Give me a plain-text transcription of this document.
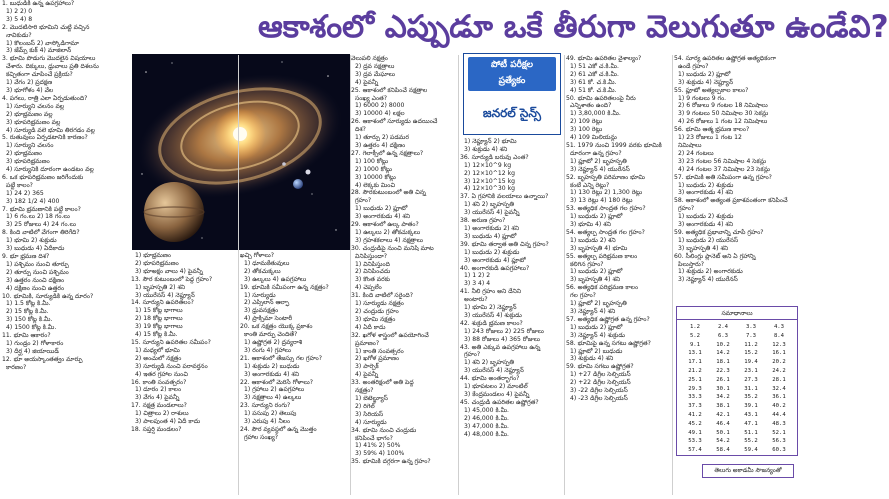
ఆకాశంలో ఎప్పుడూ ఒకే తీరుగా వెలుగుతూ ఉండేవి?
1. బుధుడికి ఉన్న ఉపగ్రహాలు?
1) 2 2) 0
3) 5 4) 8
2. మొదటిసారి భూమిని చుట్టి వచ్చిన
నావికుడు?
1) కొలంబస్ 2) వాస్కోడిగామా
3) జేమ్స్ కుక్ 4) మాజిలాన్
3. భూమి పొడుగు మొదలైన విషయాలు
చేశారు. దిక్కులు, ధ్రువాలు ప్రతి దిశలను
కచ్చితంగా చూపించే ప్రక్రియ?
1) వేగం 2) ప్రదక్షణ
3) భూగోళం 4) వేల
4. పగలు, రాత్రి ఎలా ఏర్పడుతుంది?
1) సూర్యుని చలనం వల్ల
2) భూభ్రమణం వల్ల
3) భూపరిభ్రమణం వల్ల
4) సూర్యుడి వలె భూమి తిరగడం వల్ల
5. రుతువులు ఏర్పడటానికి కారణం?
1) సూర్యుని చలనం
2) భూభ్రమణం
3) భూపరిభ్రమణం
4) సూర్యునికి దూరంగా ఉండటం వల్ల
6. ఒక భూపరిభ్రమణం జరిగేందుకు
పట్టే కాలం?
1) 24 2) 365
3) 182 1/2 4) 400
7. భూమి భ్రమణానికి పట్టే కాలం?
1) 6 గం.లు 2) 18 గం.లు
3) 25 రోజులు 4) 24 గం.లు
8. కింది వాటిలో వేగంగా తిరిగేది?
1) భూమి 2) శుక్రుడు
3) బుధుడు 4) ఏదీకాదు
9. భూ భ్రమణ దిశ?
1) పశ్చిమం నుంచి తూర్పు
2) తూర్పు నుంచి పశ్చిమం
3) ఉత్తరం నుంచి దక్షిణం
4) దక్షిణం నుంచి ఉత్తరం
10. భూమికి, సూర్యుడికి ఉన్న దూరం?
1) 1.5 కోట్ల కి.మీ.
2) 15 కోట్ల కి.మీ.
3) 150 కోట్ల కి.మీ.
4) 1500 కోట్ల కి.మీ.
11. భూమి ఆకారం?
1) గుండ్రం 2) గోళాకారం
3) దీర్ఘ 4) జియాయిడ్
12. భూ అయస్కాంతత్వం మార్పు
కారణం?
1) భూభ్రమణం
2) భూపరిభ్రమణం
3) భూఅక్షం వాలు 4) పైవన్నీ
13. సౌర కుటుంబంలో పెద్ద గ్రహం?
1) బృహస్పతి 2) శని
3) యురేనస్ 4) నెప్ట్యూన్
14. సూర్యుని ఉపరితలం?
1) 15 కోట్ల భాగాలు
2) 18 కోట్ల భాగాలు
3) 19 కోట్ల భాగాలు
4) 15 కోట్ల కి.మీ.
15. సూర్యుని ఉపరితల సమీపం?
1) మధ్యలో భూమి
2) అంచులో నక్షత్రం
3) సూర్యుడి నుంచి పరావర్తనం
4) ఇతర గ్రహాల నుంచి
16. కాంతి సంవత్సరం?
1) దూరం 2) కాలం
3) వేగం 4) పైవన్నీ
17. నక్షత్ర మండలాలు?
1) చిత్రాలు 2) రాశులు
3) పాలపుంత 4) ఏదీ కాదు
18. సప్తర్షి మండలం?
ఖచ్చి గోళాలు?
1) ధూమకేతువులు
2) తోకచుక్కలు
3) ఉల్కలు 4) ఉపగ్రహాలు
19. భూమికి సమీపంగా ఉన్న నక్షత్రం?
1) సూర్యుడు
2) ఎప్సిలాన్ ఆల్ఫా
3) ధ్రువనక్షత్రం
4) ప్రాక్సిమా సెంటారీ
20. ఒక నక్షత్రం యొక్క ప్రకాశం
కాంతి మార్పు చెందితే?
1) ఉష్ణోగ్రత 2) ద్రవ్యరాశి
3) రంగు 4) గ్రహాలు
21. ఆకాశంలో తేజస్సు గల గ్రహం?
1) శుక్రుడు 2) బుధుడు
3) అంగారకుడు 4) శని
22. ఆకాశంలో మెరిసే గోళాలు?
1) గ్రహాలు 2) ఉపగ్రహాలు
3) నక్షత్రాలు 4) ఉల్కలు
23. సూర్యుని రంగు?
1) పసుపు 2) తెలుపు
3) ఎరుపు 4) నీలం
24. సౌర వ్యవస్థలో ఉన్న మొత్తం
గ్రహాల సంఖ్య?
వెలుపలి నక్షత్రం
2) ద్రవ నక్షత్రాలు
3) ద్రవ మేఘాలు
4) పైవన్నీ
25. ఆకాశంలో కనిపించే నక్షత్రాల
సంఖ్య ఎంత?
1) 6000 2) 8000
3) 10000 4) లక్షల
26. ఆకాశంలో సూర్యుడు ఉదయించే
దిశ?
1) తూర్పు 2) పడమర
3) ఉత్తరం 4) దక్షిణం
27. గెలాక్సీలో ఉన్న నక్షత్రాలు?
1) 100 కోట్లు
2) 1000 కోట్లు
3) 10000 కోట్లు
4) లెక్కకు మించి
28. సౌరకుటుంబంలో అతి చిన్న
గ్రహం?
1) బుధుడు 2) ప్లూటో
3) అంగారకుడు 4) శని
29. ఆకాశంలో ఉల్క పాతం?
1) ఉల్కలు 2) తోకచుక్కలు
3) గ్రహశకలాలు 4) నక్షత్రాలు
30. చంద్రుడిపై నుంచి మనిషి మాట
వినిపిస్తుందా?
1) వినిపిస్తుంది
2) వినిపించదు
3) కొంత వరకు
4) చెప్పలేం
31. కింది వాటిలో సరైంది?
1) సూర్యుడు నక్షత్రం
2) చంద్రుడు గ్రహం
3) భూమి నక్షత్రం
4) ఏదీ కాదు
32. ఖగోళ శాస్త్రంలో ఉపయోగించే
ప్రమాణం?
1) కాంతి సంవత్సరం
2) ఖగోళ ప్రమాణం
3) పార్సెక్
4) పైవన్నీ
33. అంతరిక్షంలో అతి పెద్ద
నక్షత్రం?
1) బెటెల్జ్యూస్
2) రిగెల్
3) సిరియస్
4) సూర్యుడు
34. భూమి నుంచి చంద్రుడు
కనిపించే భాగం?
1) 41% 2) 50%
3) 59% 4) 100%
35. భూమికి దగ్గరగా ఉన్న గ్రహం?
పోటీ పరీక్షల
ప్రత్యేకం
జనరల్ సైన్స్
1) నెప్ట్యూన్ 2) భూమి
3) శుక్రుడు 4) శని
36. సూర్యుడి బరువు ఎంత?
1) 12×10^9 kg
2) 12×10^12 kg
3) 12×10^15 kg
4) 12×10^30 kg
37. ఏ గ్రహానికి వలయాలు ఉన్నాయి?
1) శని 2) బృహస్పతి
3) యురేనస్ 4) పైవన్నీ
38. అరుణ గ్రహం?
1) అంగారకుడు 2) శని
3) బుధుడు 4) ప్లూటో
39. భూమి తర్వాత అతి చిన్న గ్రహం?
1) బుధుడు 2) శుక్రుడు
3) అంగారకుడు 4) ప్లూటో
40. అంగారకుడి ఉపగ్రహాలు?
1) 1 2) 2
3) 3 4) 4
41. నీలి గ్రహం అని దేనిని
అంటారు?
1) భూమి 2) నెప్ట్యూన్
3) యురేనస్ 4) శుక్రుడు
42. శుక్రుడి భ్రమణ కాలం?
1) 243 రోజులు 2) 225 రోజులు
3) 88 రోజులు 4) 365 రోజులు
43. అతి ఎక్కువ ఉపగ్రహాలు ఉన్న
గ్రహం?
1) శని 2) బృహస్పతి
3) యురేనస్ 4) నెప్ట్యూన్
44. భూమి అంతర్భాగం?
1) భూపటలం 2) మాంటిల్
3) కేంద్రమండలం 4) పైవన్నీ
45. చంద్రుడి ఉపరితల ఉష్ణోగ్రత?
1) 45,000 కి.మీ.
2) 46,000 కి.మీ.
3) 47,000 కి.మీ.
4) 48,000 కి.మీ.
49. భూమి ఉపరితల వైశాల్యం?
1) 51 ఎకో చ.కి.మీ.
2) 61 ఎకో చ.కి.మీ.
3) 61 కో. చ.కి.మీ.
4) 51 కో. చ.కి.మీ.
50. భూమి ఉపరితలంపై నీరు
ఎన్నిశాతం ఉంది?
1) 3,80,000 కి.మీ.
2) 109 రెట్లు
3) 100 రెట్లు
4) 109 మిలియన్లు
51. 1979 నుంచి 1999 వరకు భూమికి
దూరంగా ఉన్న గ్రహం?
1) ప్లూటో 2) బృహస్పతి
3) నెప్ట్యూన్ 4) యురేనస్
52. బృహస్పతి పరిమాణం భూమి
కంటే ఎన్ని రెట్లు?
1) 130 రెట్లు 2) 1,300 రెట్లు
3) 13 రెట్లు 4) 180 రెట్లు
53. అత్యధిక సాంద్రత గల గ్రహం?
1) బుధుడు 2) ప్లూటో
3) భూమి 4) శని
54. అత్యల్ప సాంద్రత గల గ్రహం?
1) బుధుడు 2) శని
3) బృహస్పతి 4) భూమి
55. అత్యల్ప పరిభ్రమణ కాలం
కలిగిన గ్రహం?
1) బుధుడు 2) ప్లూటో
3) బృహస్పతి 4) శని
56. అత్యధిక పరిభ్రమణ కాలం
గల గ్రహం?
1) ప్లూటో 2) బృహస్పతి
3) నెప్ట్యూన్ 4) శని
57. అత్యధిక ఉష్ణోగ్రత ఉన్న గ్రహం?
1) బుధుడు 2) ప్లూటో
3) నెప్ట్యూన్ 4) శుక్రుడు
58. భూమిపై ఉన్న సగటు ఉష్ణోగ్రత?
1) ప్లూటో 2) బుధుడు
3) శుక్రుడు 4) శని
59. భూమి సగటు ఉష్ణోగ్రత?
1) +27 డిగ్రీల సెల్సియస్
2) +22 డిగ్రీల సెల్సియస్
3) -22 డిగ్రీల సెల్సియస్
4) -23 డిగ్రీల సెల్సియస్
54. సూర్య ఉపరితల ఉష్ణోగ్రత అత్యధికంగా
ఉండే గ్రహం?
1) బుధుడు 2) ప్లూటో
3) శుక్రుడు 4) నెప్ట్యూన్
55. ప్లూటో అత్యల్పకాల కాలం?
1) 9 గంటలు 9 గం.
2) 6 రోజులు 9 గంటల 18 నిమిషాలు
3) 9 గంటలు 50 నిమిషాల 30 సెకన్లు
4) 26 రోజులు 1 గంట 12 నిమిషాలు
56. భూమి ఆత్మ భ్రమణ కాలం?
1) 23 రోజులు 1 గంట 12
నిమిషాలు
2) 24 గంటలు
3) 23 గంటల 56 నిమిషాల 4 సెకన్లు
4) 24 గంటల 37 నిమిషాల 23 సెకన్లు
57. భూమికి అతి సమీపంగా ఉన్న గ్రహం?
1) బుధుడు 2) శుక్రుడు
3) అంగారకుడు 4) శని
58. ఆకాశంలో అత్యంత ప్రకాశవంతంగా కనిపించే
గ్రహం?
1) బుధుడు 2) శుక్రుడు
3) అంగారకుడు 4) శని
59. అత్యధిక ప్రభావాన్ని చూపే గ్రహం?
1) బుధుడు 2) యురేనస్
3) బృహస్పతి 4) శని
60. సీలింగ్లు ప్లానెట్ అని ఏ గ్రహాన్ని
పిలుస్తారు?
1) శుక్రుడు 2) అంగారకుడు
3) నెప్ట్యూన్ 4) యురేనస్
సమాధానాలు
1.2	2.4	3.3	4.3
5.2	6.3	7.3	8.4
9.1	10.2	11.2	12.3
13.1	14.2	15.2	16.1
17.1	18.1	19.4	20.2
21.2	22.3	23.1	24.2
25.1	26.1	27.3	28.1
29.3	30.1	31.1	32.4
33.3	34.2	35.2	36.1
37.3	38.1	39.1	40.2
41.2	42.1	43.1	44.4
45.2	46.4	47.1	48.3
49.1	50.1	51.1	52.1
53.3	54.2	55.2	56.3
57.4	58.4	59.4	60.3
తెలుగు అకాడమీ సౌజన్యంతో
